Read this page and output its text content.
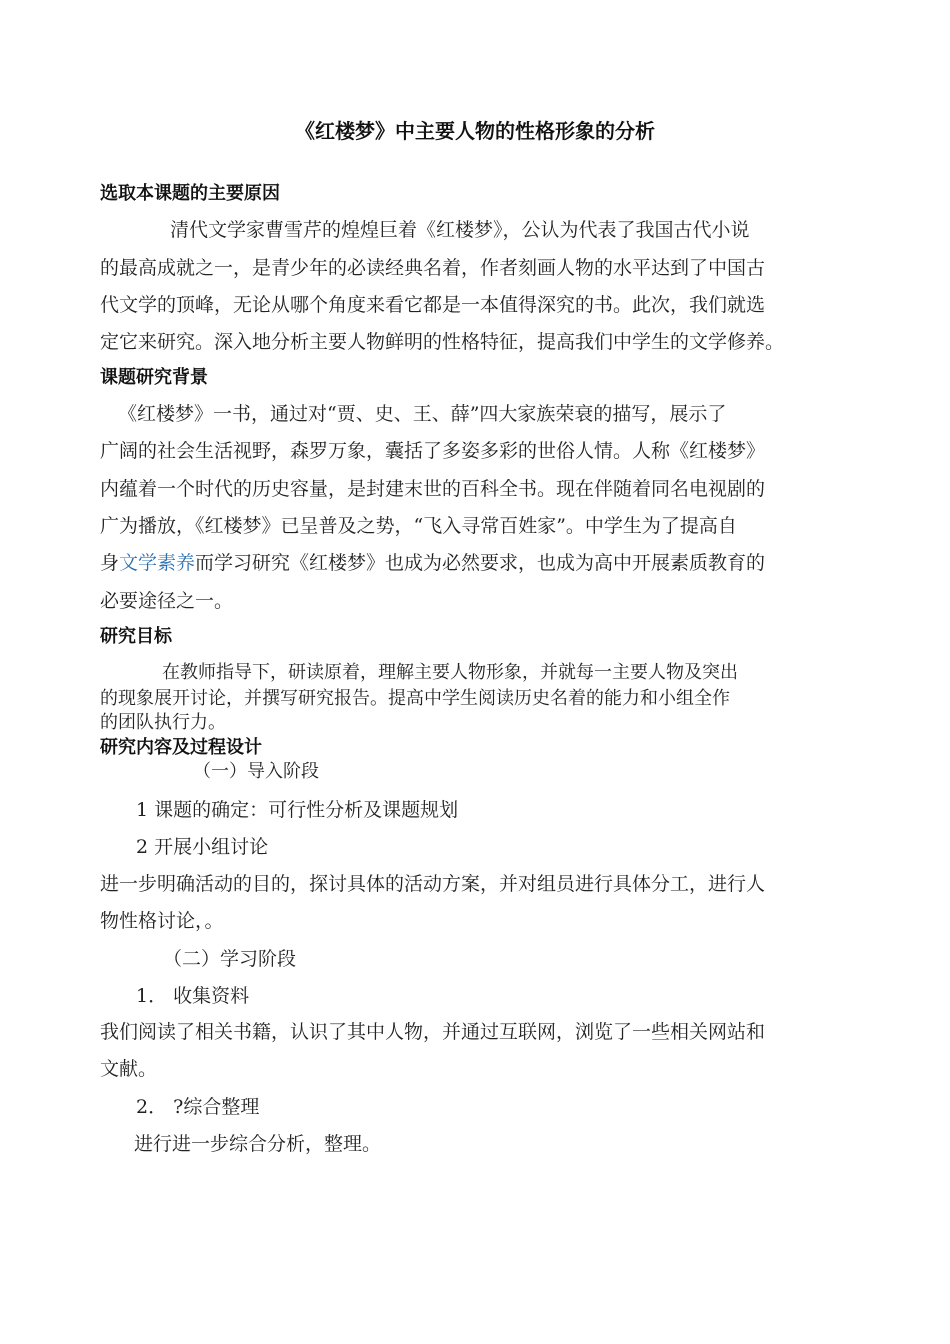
《红楼梦》中主要人物的性格形象的分析
选取本课题的主要原因
清代文学家曹雪芹的煌煌巨着《红楼梦》，公认为代表了我国古代小说
的最高成就之一，是青少年的必读经典名着，作者刻画人物的水平达到了中国古
代文学的顶峰，无论从哪个角度来看它都是一本值得深究的书。此次，我们就选
定它来研究。深入地分析主要人物鲜明的性格特征，提高我们中学生的文学修养。
课题研究背景
《红楼梦》一书，通过对“贾、史、王、薛”四大家族荣衰的描写，展示了
广阔的社会生活视野，森罗万象，囊括了多姿多彩的世俗人情。人称《红楼梦》
内蕴着一个时代的历史容量，是封建末世的百科全书。现在伴随着同名电视剧的
广为播放，《红楼梦》已呈普及之势，“飞入寻常百姓家”。中学生为了提高自
身文学素养而学习研究《红楼梦》也成为必然要求，也成为高中开展素质教育的
必要途径之一。
研究目标
在教师指导下，研读原着，理解主要人物形象，并就每一主要人物及突出
的现象展开讨论，并撰写研究报告。提高中学生阅读历史名着的能力和小组全作
的团队执行力。
研究内容及过程设计
（一）导入阶段
1 课题的确定：可行性分析及课题规划
2 开展小组讨论
进一步明确活动的目的，探讨具体的活动方案，并对组员进行具体分工，进行人
物性格讨论，。
（二）学习阶段
1． 收集资料
我们阅读了相关书籍，认识了其中人物，并通过互联网，浏览了一些相关网站和
文献。
2． ?综合整理
进行进一步综合分析，整理。
